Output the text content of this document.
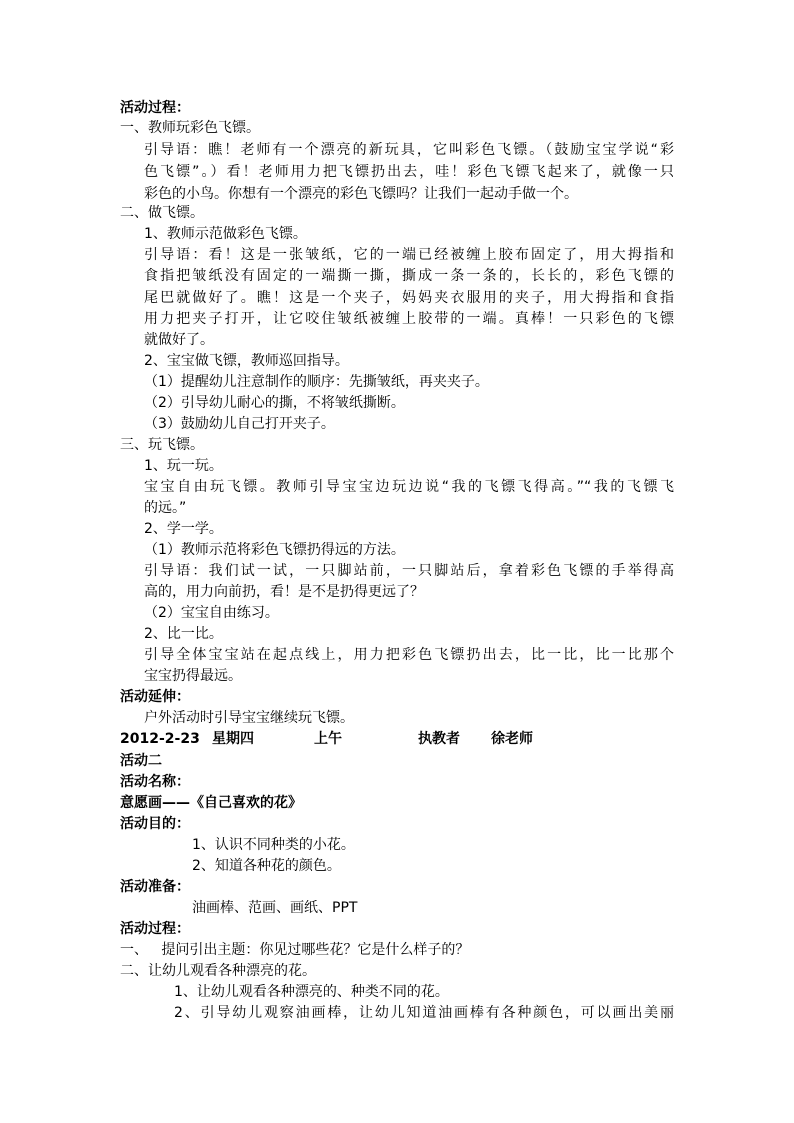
活动过程：
一、教师玩彩色飞镖。
引导语：瞧！老师有一个漂亮的新玩具，它叫彩色飞镖。（鼓励宝宝学说“彩
色飞镖”。）看！老师用力把飞镖扔出去，哇！彩色飞镖飞起来了，就像一只
彩色的小鸟。你想有一个漂亮的彩色飞镖吗？让我们一起动手做一个。
二、做飞镖。
1、教师示范做彩色飞镖。
引导语：看！这是一张皱纸，它的一端已经被缠上胶布固定了，用大拇指和
食指把皱纸没有固定的一端撕一撕，撕成一条一条的，长长的，彩色飞镖的
尾巴就做好了。瞧！这是一个夹子，妈妈夹衣服用的夹子，用大拇指和食指
用力把夹子打开，让它咬住皱纸被缠上胶带的一端。真棒！一只彩色的飞镖
就做好了。
2、宝宝做飞镖，教师巡回指导。
（1）提醒幼儿注意制作的顺序：先撕皱纸，再夹夹子。
（2）引导幼儿耐心的撕，不将皱纸撕断。
（3）鼓励幼儿自己打开夹子。
三、玩飞镖。
1、玩一玩。
宝宝自由玩飞镖。教师引导宝宝边玩边说“我的飞镖飞得高。”“我的飞镖飞
的远。”
2、学一学。
（1）教师示范将彩色飞镖扔得远的方法。
引导语：我们试一试，一只脚站前，一只脚站后，拿着彩色飞镖的手举得高
高的，用力向前扔，看！是不是扔得更远了？
（2）宝宝自由练习。
2、比一比。
引导全体宝宝站在起点线上，用力把彩色飞镖扔出去，比一比，比一比那个
宝宝扔得最远。
活动延伸：
户外活动时引导宝宝继续玩飞镖。
2012-2-23 星期四	上午	执教者 徐老师
活动二
活动名称：
意愿画——《自己喜欢的花》
活动目的：
1、认识不同种类的小花。
2、知道各种花的颜色。
活动准备：
油画棒、范画、画纸、PPT
活动过程：
一、   提问引出主题：你见过哪些花？它是什么样子的？
二、让幼儿观看各种漂亮的花。
1、让幼儿观看各种漂亮的、种类不同的花。
2、引导幼儿观察油画棒，让幼儿知道油画棒有各种颜色，可以画出美丽
